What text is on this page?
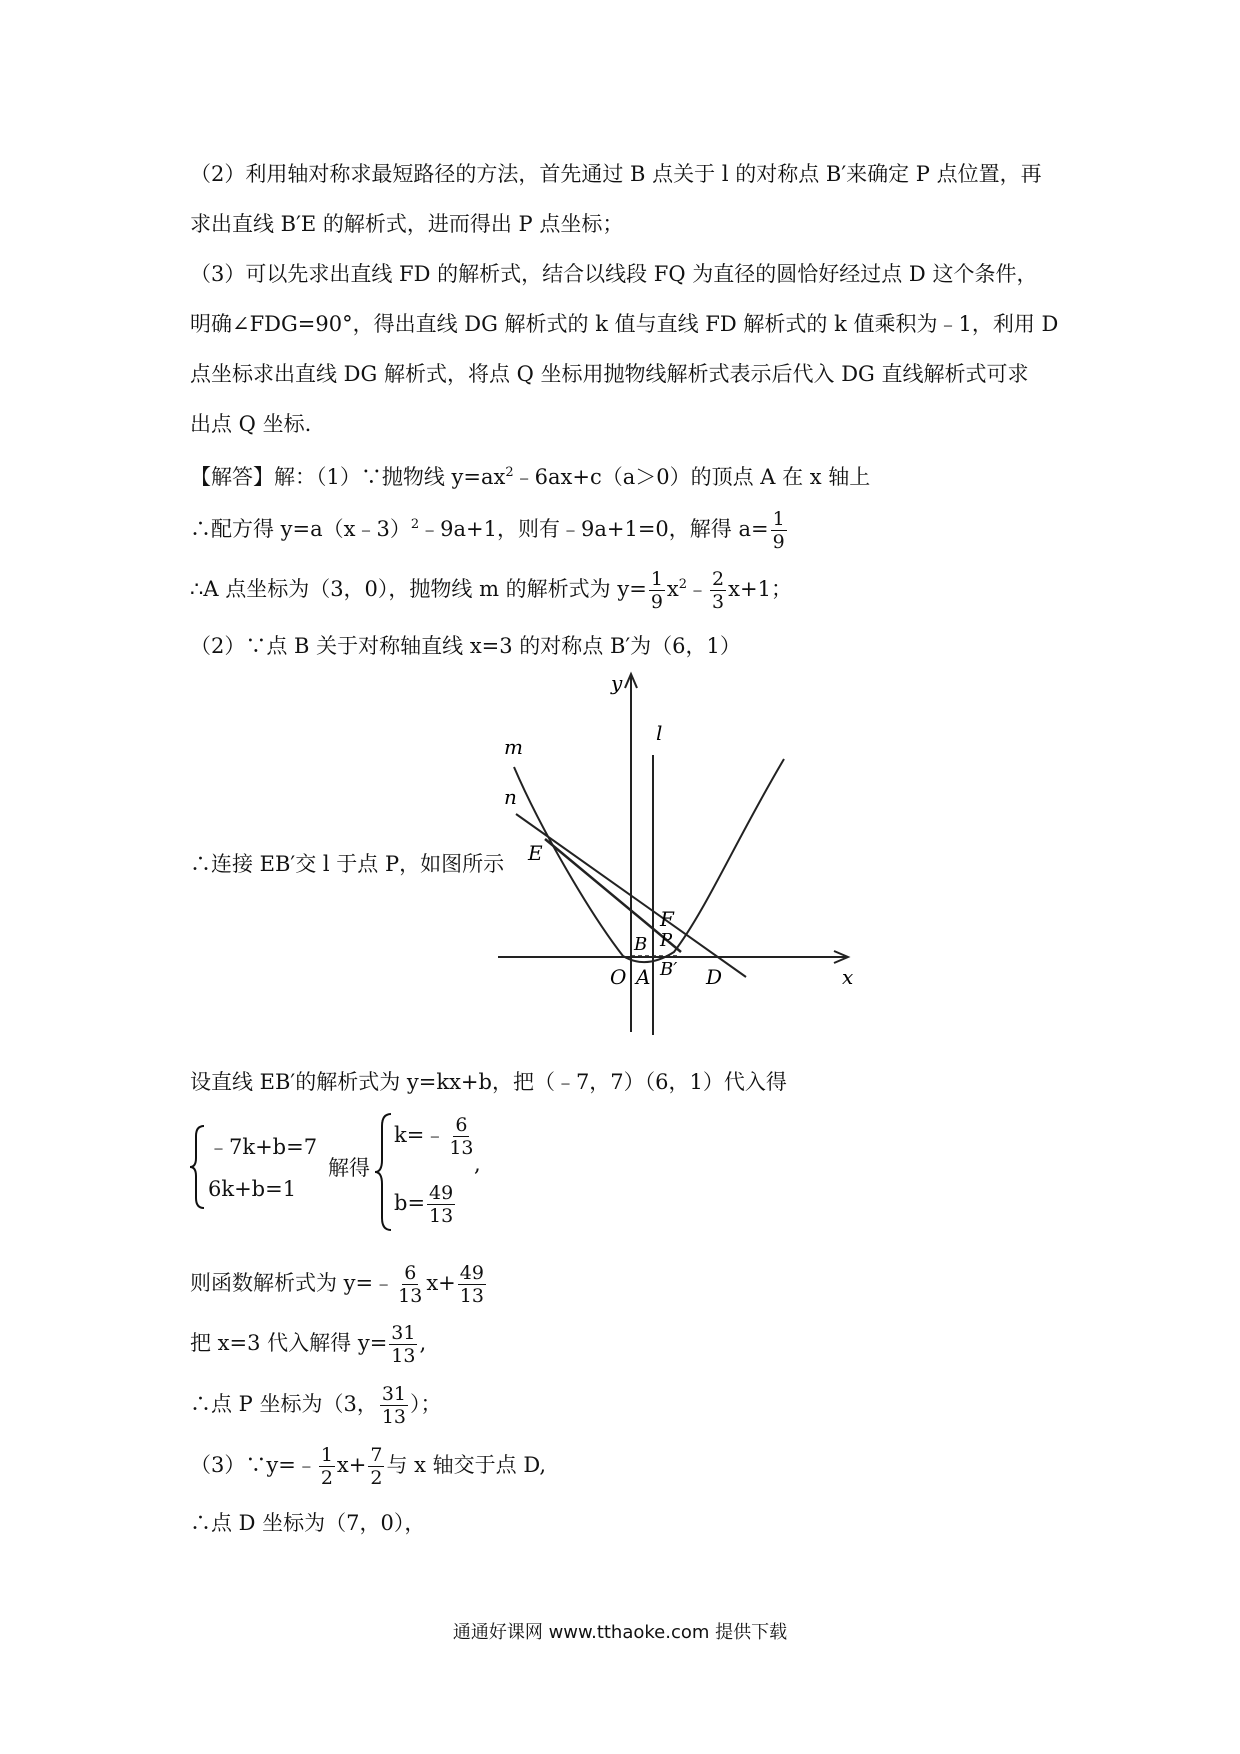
（2）利用轴对称求最短路径的方法，首先通过 B 点关于 l 的对称点 B′来确定 P 点位置，再
求出直线 B′E 的解析式，进而得出 P 点坐标；
（3）可以先求出直线 FD 的解析式，结合以线段 FQ 为直径的圆恰好经过点 D 这个条件，
明确∠FDG=90°，得出直线 DG 解析式的 k 值与直线 FD 解析式的 k 值乘积为﹣1，利用 D
点坐标求出直线 DG 解析式，将点 Q 坐标用抛物线解析式表示后代入 DG 直线解析式可求
出点 Q 坐标.
【解答】解：（1）∵抛物线 $y=ax^2﹣6ax+c(a>0)$的顶点 A 在 x 轴上
∴配方得 y=a（x﹣3）$^2$﹣9a+1，则有﹣9a+1=0，解得 $a= \frac{1}{9}$
∴A 点坐标为（3，0），抛物线 m 的解析式为 $y= \frac{1}{9}$ $x^2﹣ \frac{2}{3} x+1$；
（2）∵点 B 关于对称轴直线 x=3 的对称点 B′为（6，1）
∴连接 EB′交 l 于点 P，如图所示
y
l
m
n
E
F
P
B
B′
O A	D	x
设直线 EB′的解析式为 y=kx+b，把（﹣7，7）（6，1）代入得
﹣7k+b=7
6k+b=1
解得
k=﹣ $\frac{6}{13}$
,
$b= \frac{49}{13}$
则函数解析式为 y=﹣ $\frac{6}{13} x+ \frac{49}{13}$
把 x=3 代入解得 $y= \frac{31}{13}$ ,
∴点 P 坐标为（3， $\frac{31}{13}$ ）；
（3）∵y=﹣ $\frac{1}{2} x+ \frac{7}{2}$ 与 x 轴交于点 D,
∴点 D 坐标为（7，0），
通通好课网 www.tthaoke.com 提供下载
